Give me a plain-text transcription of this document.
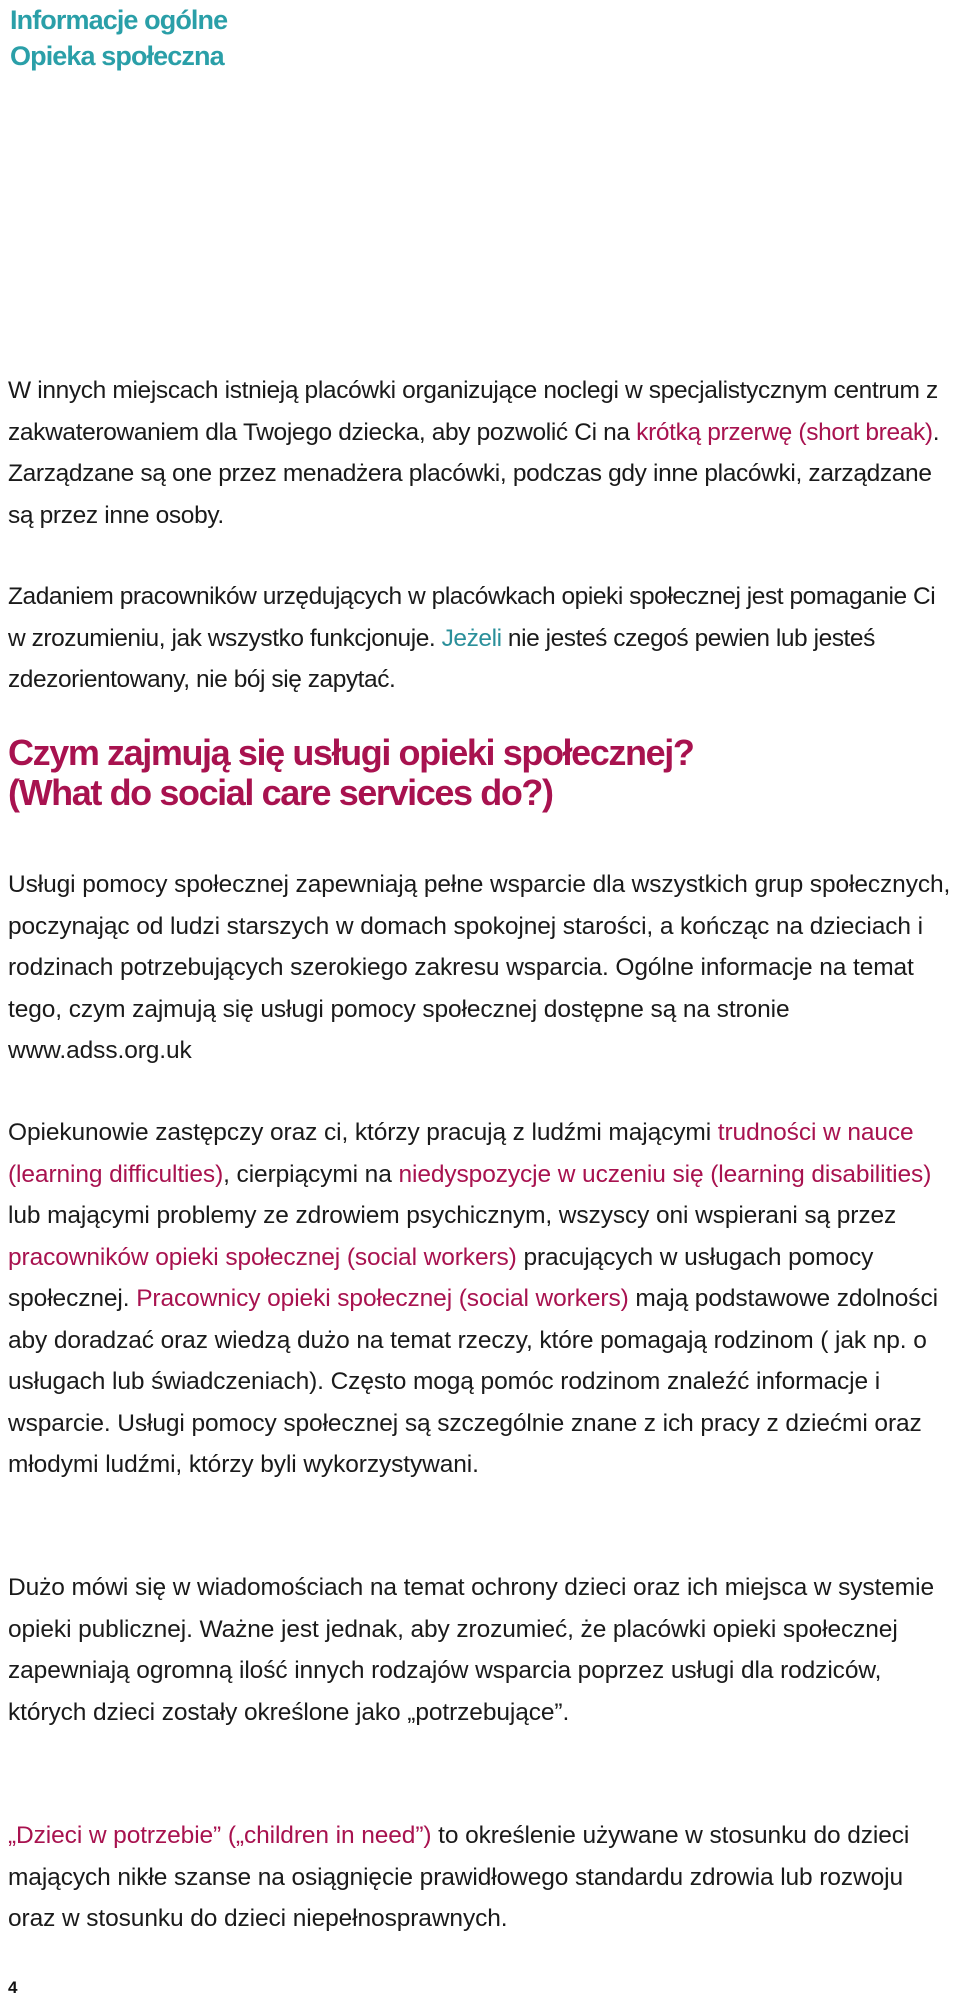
Informacje ogólne
Opieka społeczna

W innych miejscach istnieją placówki organizujące noclegi w specjalistycznym centrum z zakwaterowaniem dla Twojego dziecka, aby pozwolić Ci na krótką przerwę (short break). Zarządzane są one przez menadżera placówki, podczas gdy inne placówki, zarządzane są przez inne osoby.

Zadaniem pracowników urzędujących w placówkach opieki społecznej jest pomaganie Ci w zrozumieniu, jak wszystko funkcjonuje. Jeżeli nie jesteś czegoś pewien lub jesteś zdezorientowany, nie bój się zapytać.

Czym zajmują się usługi opieki społecznej?
(What do social care services do?)

Usługi pomocy społecznej zapewniają pełne wsparcie dla wszystkich grup społecznych, poczynając od ludzi starszych w domach spokojnej starości, a kończąc na dzieciach i rodzinach potrzebujących szerokiego zakresu wsparcia. Ogólne informacje na temat tego, czym zajmują się usługi pomocy społecznej dostępne są na stronie www.adss.org.uk

Opiekunowie zastępczy oraz ci, którzy pracują z ludźmi mającymi trudności w nauce (learning difficulties), cierpiącymi na niedyspozycje w uczeniu się (learning disabilities) lub mającymi problemy ze zdrowiem psychicznym, wszyscy oni wspierani są przez pracowników opieki społecznej (social workers) pracujących w usługach pomocy społecznej. Pracownicy opieki społecznej (social workers) mają podstawowe zdolności aby doradzać oraz wiedzą dużo na temat rzeczy, które pomagają rodzinom ( jak np. o usługach lub świadczeniach). Często mogą pomóc rodzinom znaleźć informacje i wsparcie. Usługi pomocy społecznej są szczególnie znane z ich pracy z dziećmi oraz młodymi ludźmi, którzy byli wykorzystywani.

Dużo mówi się w wiadomościach na temat ochrony dzieci oraz ich miejsca w systemie opieki publicznej. Ważne jest jednak, aby zrozumieć, że placówki opieki społecznej zapewniają ogromną ilość innych rodzajów wsparcia poprzez usługi dla rodziców, których dzieci zostały określone jako „potrzebujące”.

„Dzieci w potrzebie” („children in need”) to określenie używane w stosunku do dzieci mających nikłe szanse na osiągnięcie prawidłowego standardu zdrowia lub rozwoju oraz w stosunku do dzieci niepełnosprawnych.

4
